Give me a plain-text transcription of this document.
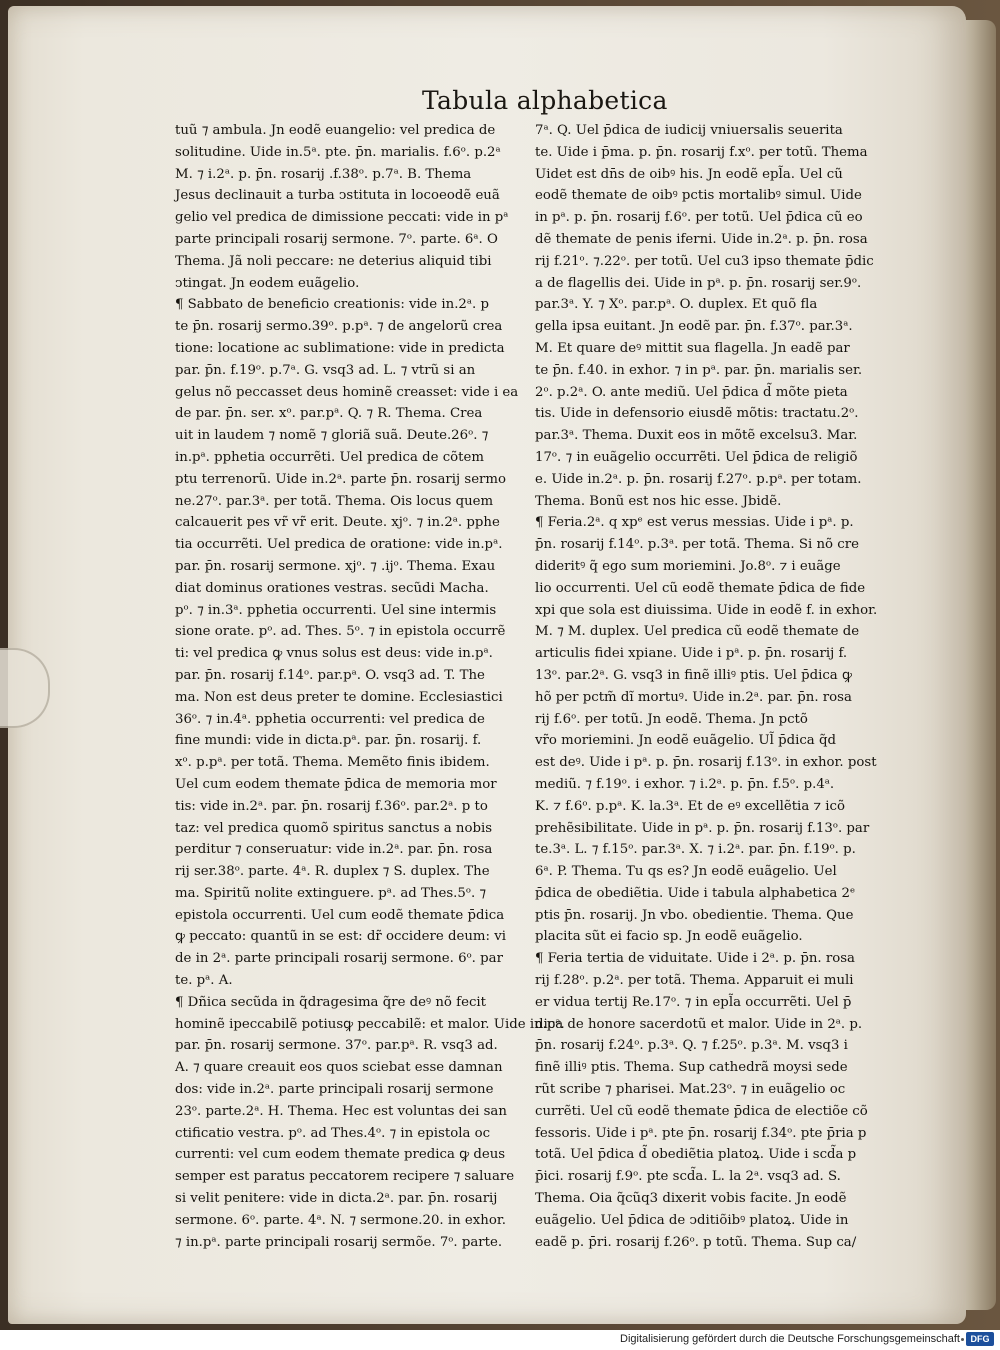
Tabula alphabetica

tuũ ⁊ ambula. Jn eodẽ euangelio: vel predica de

solitudine. Uide in.5ᵃ. pte. p̄n. marialis. f.6ᵒ. p.2ᵃ

M. ⁊ i.2ᵃ. p. p̄n. rosarij .f.38ᵒ. p.7ᵃ. B. Thema

Jesus declinauit a turba ↄstituta in locoeodẽ euã

gelio vel predica de dimissione peccati: vide in pᵃ

parte principali rosarij sermone. 7ᵒ. parte. 6ᵃ. O

Thema. Jã noli peccare: ne deterius aliquid tibi

ↄtingat. Jn eodem euãgelio.

¶ Sabbato de beneficio creationis: vide in.2ᵃ. p

te p̄n. rosarij sermo.39ᵒ. p.pᵃ. ⁊ de angelorũ crea

tione: locatione ac sublimatione: vide in predicta

par. p̄n. f.19ᵒ. p.7ᵃ. G. vsq3 ad. L. ⁊ vtrũ si an

gelus nõ peccasset deus hominẽ creasset: vide i ea

de par. p̄n. ser. xᵒ. par.pᵃ. Q. ⁊ R. Thema. Crea

uit in laudem ⁊ nomẽ ⁊ gloriã suã. Deute.26ᵒ. ⁊

in.pᵃ. pphetia occurrẽti. Uel predica de cõtem

ptu terrenorũ. Uide in.2ᵃ. parte p̄n. rosarij sermo

ne.27ᵒ. par.3ᵃ. per totã. Thema. Ois locus quem

calcauerit pes vr̃ vr̃ erit. Deute. xjᵒ. ⁊ in.2ᵃ. pphe

tia occurrẽti. Uel predica de oratione: vide in.pᵃ.

par. p̄n. rosarij sermone. xjᵒ. ⁊ .ijᵒ. Thema. Exau

diat dominus orationes vestras. secũdi Macha.

pᵒ. ⁊ in.3ᵃ. pphetia occurrenti. Uel sine intermis

sione orate. pᵒ. ad. Thes. 5ᵒ. ⁊ in epistola occurrẽ

ti: vel predica ꝙ vnus solus est deus: vide in.pᵃ.

par. p̄n. rosarij f.14ᵒ. par.pᵃ. O. vsq3 ad. T. The

ma. Non est deus preter te domine. Ecclesiastici

36ᵒ. ⁊ in.4ᵃ. pphetia occurrenti: vel predica de

fine mundi: vide in dicta.pᵃ. par. p̄n. rosarij. f.

xᵒ. p.pᵃ. per totã. Thema. Memẽto finis ibidem.

Uel cum eodem themate p̄dica de memoria mor

tis: vide in.2ᵃ. par. p̄n. rosarij f.36ᵒ. par.2ᵃ. p to

taz: vel predica quomõ spiritus sanctus a nobis

perditur ⁊ conseruatur: vide in.2ᵃ. par. p̄n. rosa

rij ser.38ᵒ. parte. 4ᵃ. R. duplex ⁊ S. duplex. The

ma. Spiritũ nolite extinguere. pᵃ. ad Thes.5ᵒ. ⁊

epistola occurrenti. Uel cum eodẽ themate p̄dica

ꝙ peccato: quantũ in se est: dr̃ occidere deum: vi

de in 2ᵃ. parte principali rosarij sermone. 6ᵒ. par

te. pᵃ. A.

¶ Dñica secũda in q̃dragesima q̃re deꝰ nõ fecit

hominẽ ipeccabilẽ potiusꝙ peccabilẽ: et malor. Uide in.pᵃ.

par. p̄n. rosarij sermone. 37ᵒ. par.pᵃ. R. vsq3 ad.

A. ⁊ quare creauit eos quos sciebat esse damnan

dos: vide in.2ᵃ. parte principali rosarij sermone

23ᵒ. parte.2ᵃ. H. Thema. Hec est voluntas dei san

ctificatio vestra. pᵒ. ad Thes.4ᵒ. ⁊ in epistola oc

currenti: vel cum eodem themate predica ꝙ deus

semper est paratus peccatorem recipere ⁊ saluare

si velit penitere: vide in dicta.2ᵃ. par. p̄n. rosarij

sermone. 6ᵒ. parte. 4ᵃ. N. ⁊ sermone.20. in exhor.

⁊ in.pᵃ. parte principali rosarij sermõe. 7ᵒ. parte.

7ᵃ. Q. Uel p̄dica de iudicij vniuersalis seuerita

te. Uide i p̄ma. p. p̄n. rosarij f.xᵒ. per totũ. Thema

Uidet est dn̄s de oibꝰ his. Jn eodẽ epl̃a. Uel cũ

eodẽ themate de oibꝰ pctis mortalibꝰ simul. Uide

in pᵃ. p. p̄n. rosarij f.6ᵒ. per totũ. Uel p̄dica cũ eo

dẽ themate de penis iferni. Uide in.2ᵃ. p. p̄n. rosa

rij f.21ᵒ. ⁊.22ᵒ. per totũ. Uel cu3 ipso themate p̄dic

a de flagellis dei. Uide in pᵃ. p. p̄n. rosarij ser.9ᵒ.

par.3ᵃ. Y. ⁊ Xᵒ. par.pᵃ. O. duplex. Et quõ fla

gella ipsa euitant. Jn eodẽ par. p̄n. f.37ᵒ. par.3ᵃ.

M. Et quare deꝰ mittit sua flagella. Jn eadẽ par

te p̄n. f.40. in exhor. ⁊ in pᵃ. par. p̄n. marialis ser.

2ᵒ. p.2ᵃ. O. ante mediũ. Uel p̄dica d̃ mõte pieta

tis. Uide in defensorio eiusdẽ mõtis: tractatu.2ᵒ.

par.3ᵃ. Thema. Duxit eos in mõtẽ excelsu3. Mar.

17ᵒ. ⁊ in euãgelio occurrẽti. Uel p̄dica de religiõ

e. Uide in.2ᵃ. p. p̄n. rosarij f.27ᵒ. p.pᵃ. per totam.

Thema. Bonũ est nos hic esse. Jbidẽ.

¶ Feria.2ᵃ. q xpᵉ est verus messias. Uide i pᵃ. p.

p̄n. rosarij f.14ᵒ. p.3ᵃ. per totã. Thema. Si nõ cre

dideritꝰ q̃ ego sum moriemini. Jo.8ᵒ. ⁊ i euãge

lio occurrenti. Uel cũ eodẽ themate p̄dica de fide

xpi que sola est diuissima. Uide in eodẽ f. in exhor.

M. ⁊ M. duplex. Uel predica cũ eodẽ themate de

articulis fidei xpiane. Uide i pᵃ. p. p̄n. rosarij f.

13ᵒ. par.2ᵃ. G. vsq3 in finẽ illiꝰ ptis. Uel p̄dica ꝙ

hõ per pctm̃ dĩ mortuꝰ. Uide in.2ᵃ. par. p̄n. rosa

rij f.6ᵒ. per totũ. Jn eodẽ. Thema. Jn pctõ

vr̃o moriemini. Jn eodẽ euãgelio. Ul̃ p̄dica q̃d

est deꝰ. Uide i pᵃ. p. p̄n. rosarij f.13ᵒ. in exhor. post

mediũ. ⁊ f.19ᵒ. i exhor. ⁊ i.2ᵃ. p. p̄n. f.5ᵒ. p.4ᵃ.

K. ⁊ f.6ᵒ. p.pᵃ. K. la.3ᵃ. Et de eꝰ excellẽtia ⁊ icõ

prehẽsibilitate. Uide in pᵃ. p. p̄n. rosarij f.13ᵒ. par

te.3ᵃ. L. ⁊ f.15ᵒ. par.3ᵃ. X. ⁊ i.2ᵃ. par. p̄n. f.19ᵒ. p.

6ᵃ. P. Thema. Tu qs es? Jn eodẽ euãgelio. Uel

p̄dica de obediẽtia. Uide i tabula alphabetica 2ᵉ

ptis p̄n. rosarij. Jn vbo. obedientie. Thema. Que

placita sũt ei facio sp. Jn eodẽ euãgelio.

¶ Feria tertia de viduitate. Uide i 2ᵃ. p. p̄n. rosa

rij f.28ᵒ. p.2ᵃ. per totã. Thema. Apparuit ei muli

er vidua tertij Re.17ᵒ. ⁊ in epl̃a occurrẽti. Uel p̄

dica de honore sacerdotũ et malor. Uide in 2ᵃ. p.

p̄n. rosarij f.24ᵒ. p.3ᵃ. Q. ⁊ f.25ᵒ. p.3ᵃ. M. vsq3 i

finẽ illiꝰ ptis. Thema. Sup cathedrã moysi sede

rũt scribe ⁊ pharisei. Mat.23ᵒ. ⁊ in euãgelio oc

currẽti. Uel cũ eodẽ themate p̄dica de electiõe cõ

fessoris. Uide i pᵃ. pte p̄n. rosarij f.34ᵒ. pte p̄ria p

totã. Uel p̄dica d̃ obediẽtia platoꝝ. Uide i scd̃a p

p̄ici. rosarij f.9ᵒ. pte scd̃a. L. la 2ᵃ. vsq3 ad. S.

Thema. Oia q̃cũq3 dixerit vobis facite. Jn eodẽ

euãgelio. Uel p̄dica de ↄditiõibꝰ platoꝝ. Uide in

eadẽ p. p̄ri. rosarij f.26ᵒ. p totũ. Thema. Sup ca/

Digitalisierung gefördert durch die Deutsche Forschungsgemeinschaft	DFG
